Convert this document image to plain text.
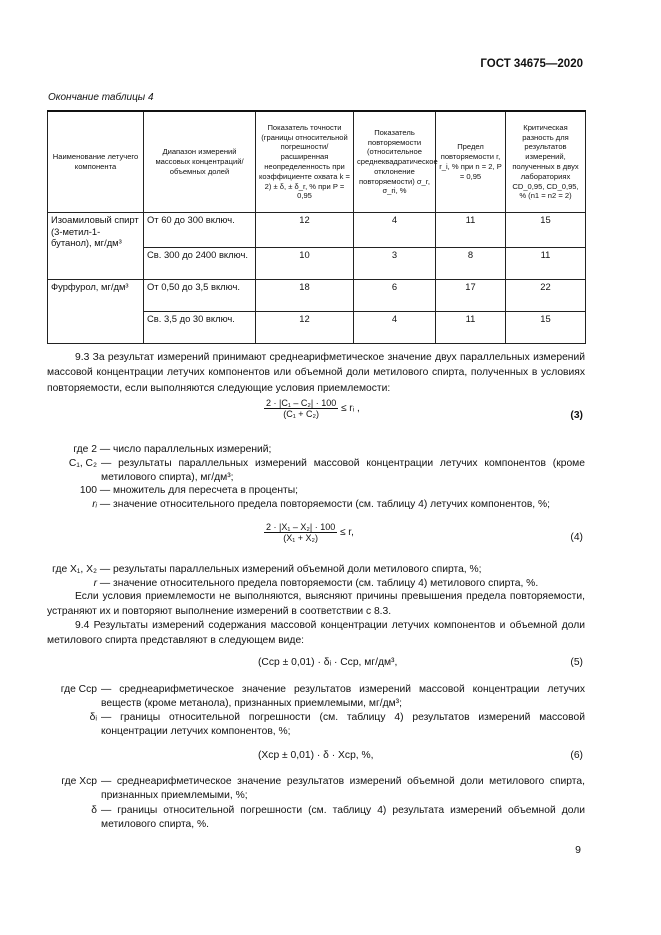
ГОСТ 34675—2020
Окончание таблицы 4
Наименование летучего компонента	Диапазон измерений массовых концентраций/ объемных долей	Показатель точности (границы относительной погрешности/расширенная неопределенность при коэффициенте охвата k = 2) ± δ, ± δ_r, % при P = 0,95	Показатель повторяемости (относительное среднеквадратическое отклонение повторяемости) σ_r, σ_ri, %	Предел повторяемости r, r_i, % при n = 2, P = 0,95	Критическая разность для результатов измерений, полученных в двух лабораториях CD_0,95, CD_0,95, % (n1 = n2 = 2)
Изоамиловый спирт (3-метил-1-бутанол), мг/дм³	От 60 до 300 включ.	12	4	11	15
	Св. 300 до 2400 включ.	10	3	8	11
Фурфурол, мг/дм³	От 0,50 до 3,5 включ.	18	6	17	22
	Св. 3,5 до 30 включ.	12	4	11	15
9.3 За результат измерений принимают среднеарифметическое значение двух параллельных измерений массовой концентрации летучих компонентов или объемной доли метилового спирта, полученных в условиях повторяемости, если выполняются следующие условия приемлемости:
$\frac{\text{2 · |C₁ – C₂| · 100}}{\text{(C₁ + C₂)}}$ ≤ rᵢ ,
(3)
где 2 — число параллельных измерений;
C₁, C₂ — результаты параллельных измерений массовой концентрации летучих компонентов (кроме метилового спирта), мг/дм³;
100 — множитель для пересчета в проценты;
rᵢ — значение относительного предела повторяемости (см. таблицу 4) летучих компонентов, %;
$\frac{\text{2 · |X₁ – X₂| · 100}}{\text{(X₁ + X₂)}} \le r$,	(4)
где X₁, X₂ — результаты параллельных измерений объемной доли метилового спирта, %;
r — значение относительного предела повторяемости (см. таблицу 4) метилового спирта, %.
Если условия приемлемости не выполняются, выясняют причины превышения предела повторяемости, устраняют их и повторяют выполнение измерений в соответствии с 8.3.
9.4 Результаты измерений содержания массовой концентрации летучих компонентов и объемной доли метилового спирта представляют в следующем виде:
(Cср ± 0,01) · δᵢ · Cср, мг/дм³,	(5)
где Cср — среднеарифметическое значение результатов измерений массовой концентрации летучих веществ (кроме метанола), признанных приемлемыми, мг/дм³;
δᵢ — границы относительной погрешности (см. таблицу 4) результатов измерений массовой концентрации летучих компонентов, %;
(Xср ± 0,01) · δ · Xср, %,	(6)
где Xср — среднеарифметическое значение результатов измерений объемной доли метилового спирта, признанных приемлемыми, %;
δ — границы относительной погрешности (см. таблицу 4) результата измерений объемной доли метилового спирта, %.
9
